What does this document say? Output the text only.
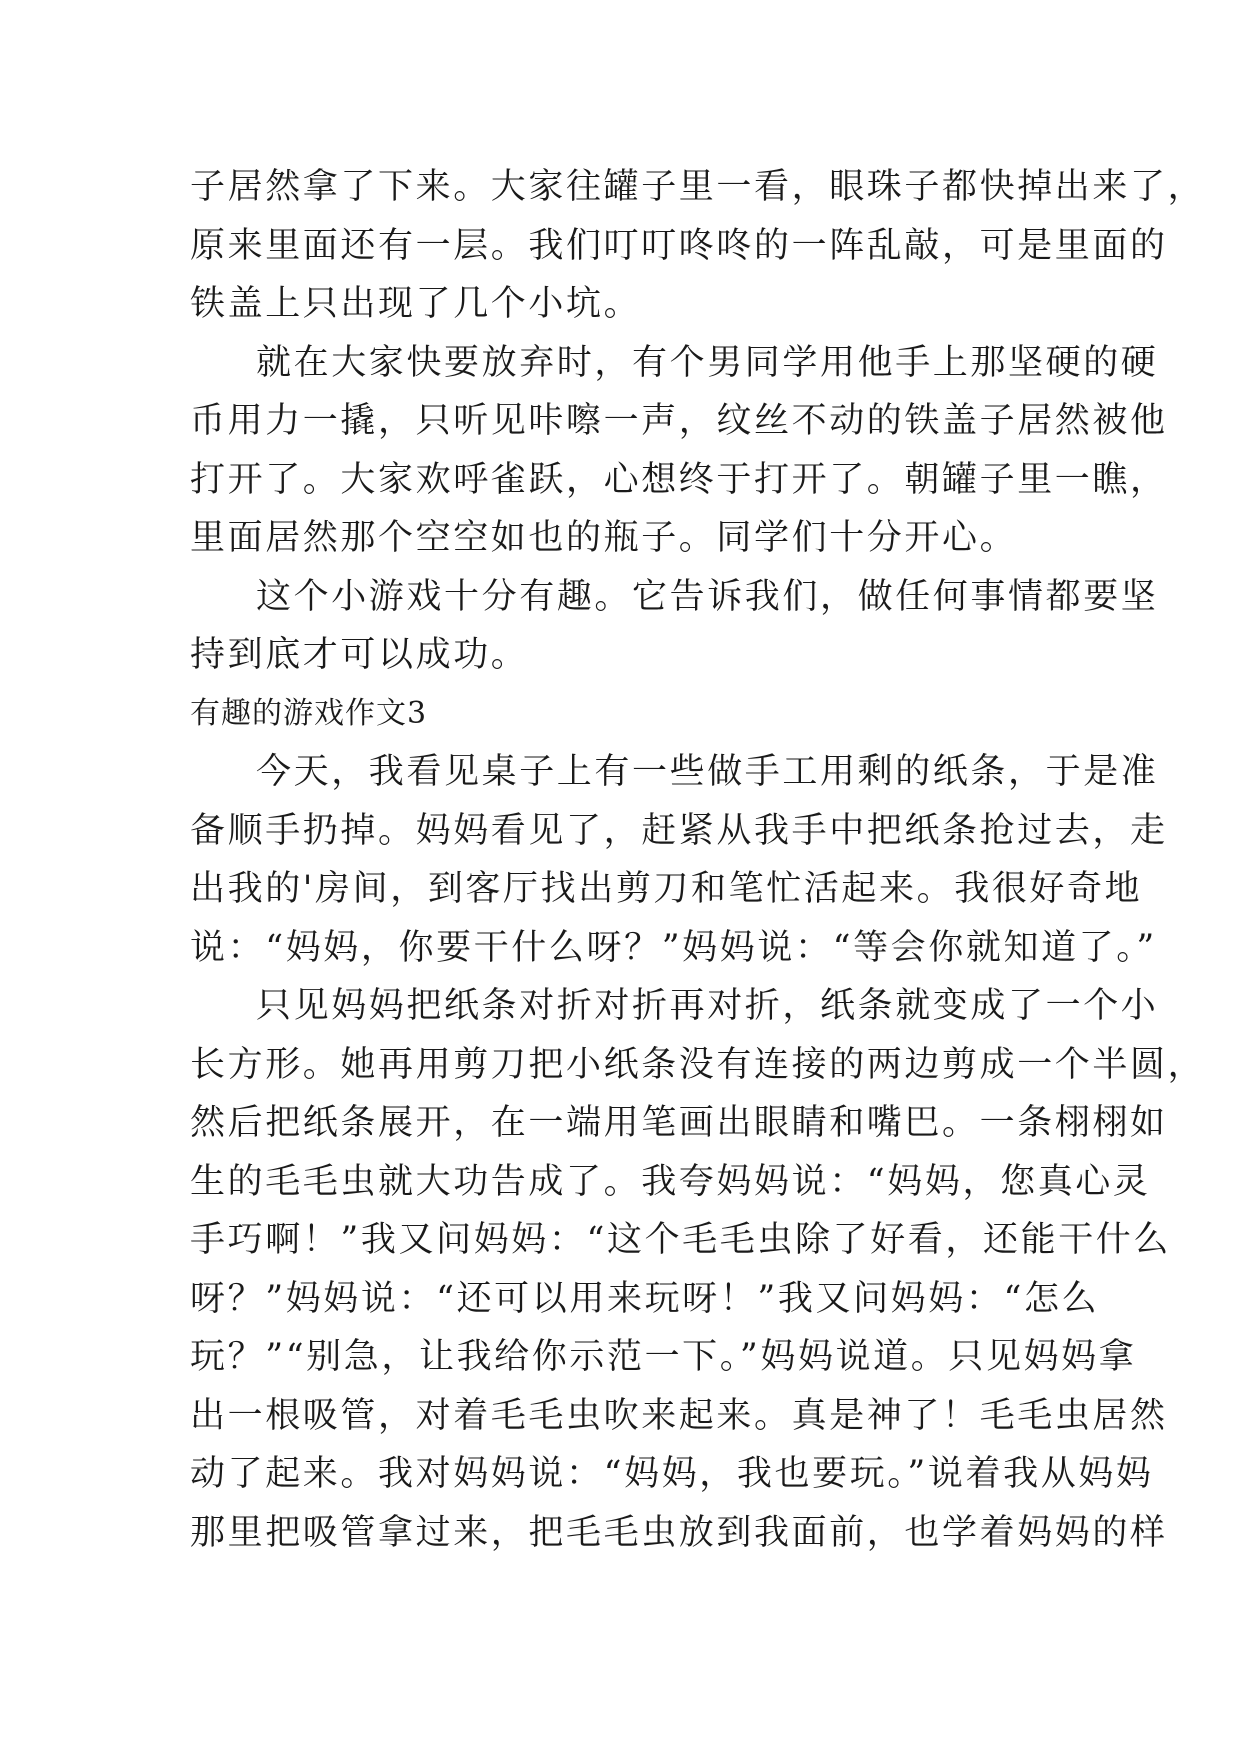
子居然拿了下来。大家往罐子里一看，眼珠子都快掉出来了，
原来里面还有一层。我们叮叮咚咚的一阵乱敲，可是里面的
铁盖上只出现了几个小坑。
就在大家快要放弃时，有个男同学用他手上那坚硬的硬
币用力一撬，只听见咔嚓一声，纹丝不动的铁盖子居然被他
打开了。大家欢呼雀跃，心想终于打开了。朝罐子里一瞧，
里面居然那个空空如也的瓶子。同学们十分开心。
这个小游戏十分有趣。它告诉我们，做任何事情都要坚
持到底才可以成功。
有趣的游戏作文3
今天，我看见桌子上有一些做手工用剩的纸条，于是准
备顺手扔掉。妈妈看见了，赶紧从我手中把纸条抢过去，走
出我的'房间，到客厅找出剪刀和笔忙活起来。我很好奇地
说：“妈妈，你要干什么呀？”妈妈说：“等会你就知道了。”
只见妈妈把纸条对折对折再对折，纸条就变成了一个小
长方形。她再用剪刀把小纸条没有连接的两边剪成一个半圆，
然后把纸条展开，在一端用笔画出眼睛和嘴巴。一条栩栩如
生的毛毛虫就大功告成了。我夸妈妈说：“妈妈，您真心灵
手巧啊！”我又问妈妈：“这个毛毛虫除了好看，还能干什么
呀？”妈妈说：“还可以用来玩呀！”我又问妈妈：“怎么
玩？”“别急，让我给你示范一下。”妈妈说道。只见妈妈拿
出一根吸管，对着毛毛虫吹来起来。真是神了！毛毛虫居然
动了起来。我对妈妈说：“妈妈，我也要玩。”说着我从妈妈
那里把吸管拿过来，把毛毛虫放到我面前，也学着妈妈的样
